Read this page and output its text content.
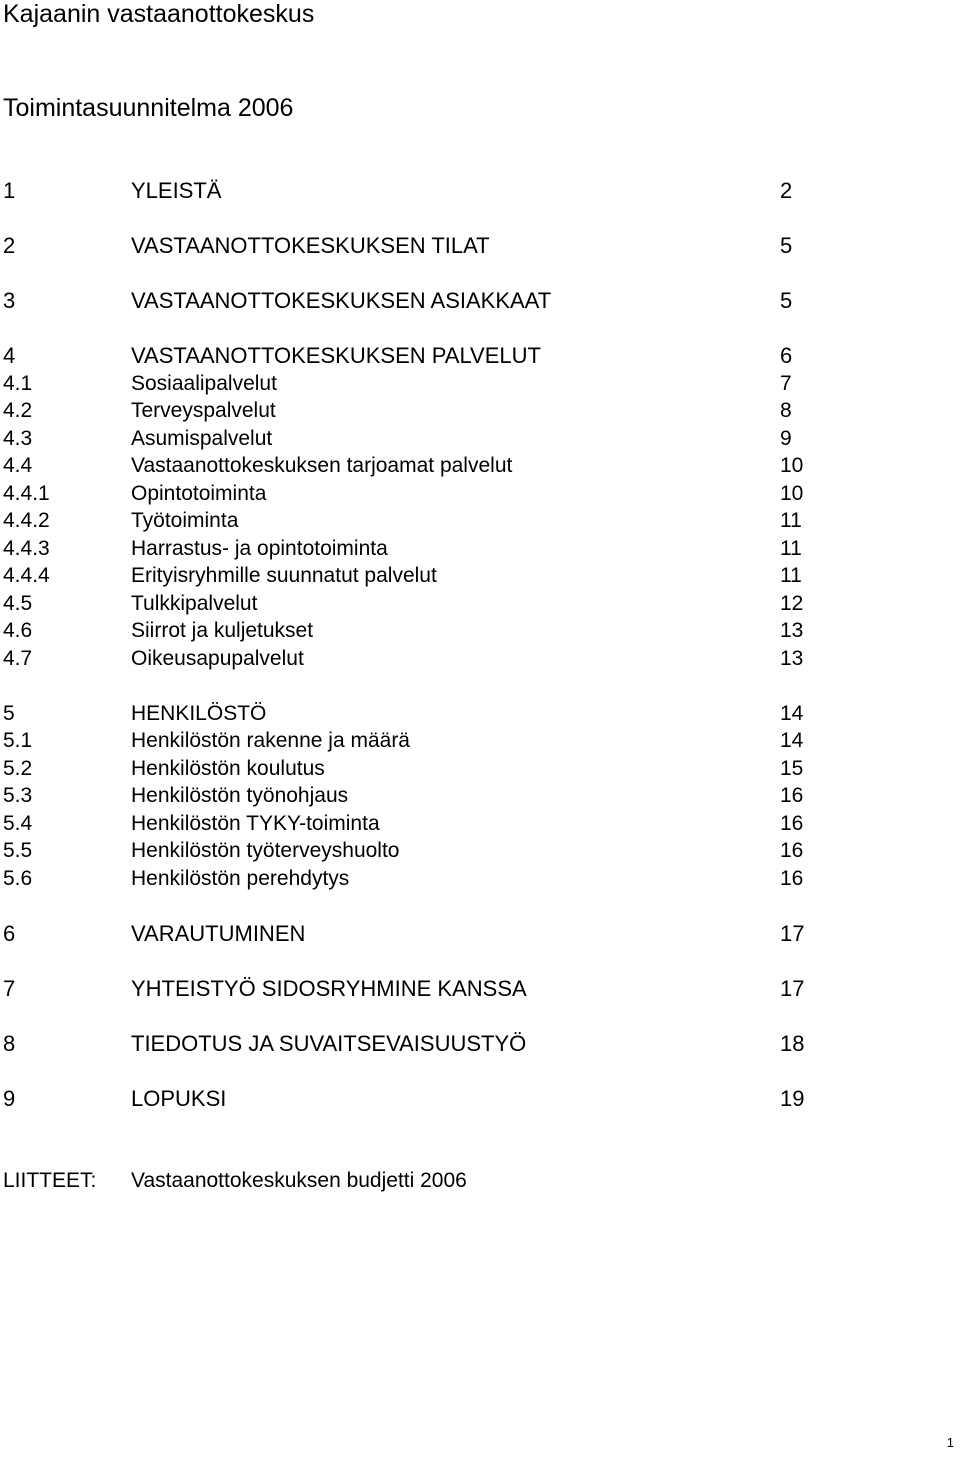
Kajaanin vastaanottokeskus
Toimintasuunnitelma 2006
1	YLEISTÄ	2
2	VASTAANOTTOKESKUKSEN TILAT	5
3	VASTAANOTTOKESKUKSEN ASIAKKAAT	5
4	VASTAANOTTOKESKUKSEN PALVELUT	6
4.1	Sosiaalipalvelut	7
4.2	Terveyspalvelut	8
4.3	Asumispalvelut	9
4.4	Vastaanottokeskuksen tarjoamat palvelut	10
4.4.1	Opintotoiminta	10
4.4.2	Työtoiminta	11
4.4.3	Harrastus- ja opintotoiminta	11
4.4.4	Erityisryhmille suunnatut palvelut	11
4.5	Tulkkipalvelut	12
4.6	Siirrot ja kuljetukset	13
4.7	Oikeusapupalvelut	13
5	HENKILÖSTÖ	14
5.1	Henkilöstön rakenne ja määrä	14
5.2	Henkilöstön koulutus	15
5.3	Henkilöstön työnohjaus	16
5.4	Henkilöstön TYKY-toiminta	16
5.5	Henkilöstön työterveyshuolto	16
5.6	Henkilöstön perehdytys	16
6	VARAUTUMINEN	17
7	YHTEISTYÖ SIDOSRYHMINE KANSSA	17
8	TIEDOTUS JA SUVAITSEVAISUUSTYÖ	18
9	LOPUKSI	19
LIITTEET: Vastaanottokeskuksen budjetti 2006
1
